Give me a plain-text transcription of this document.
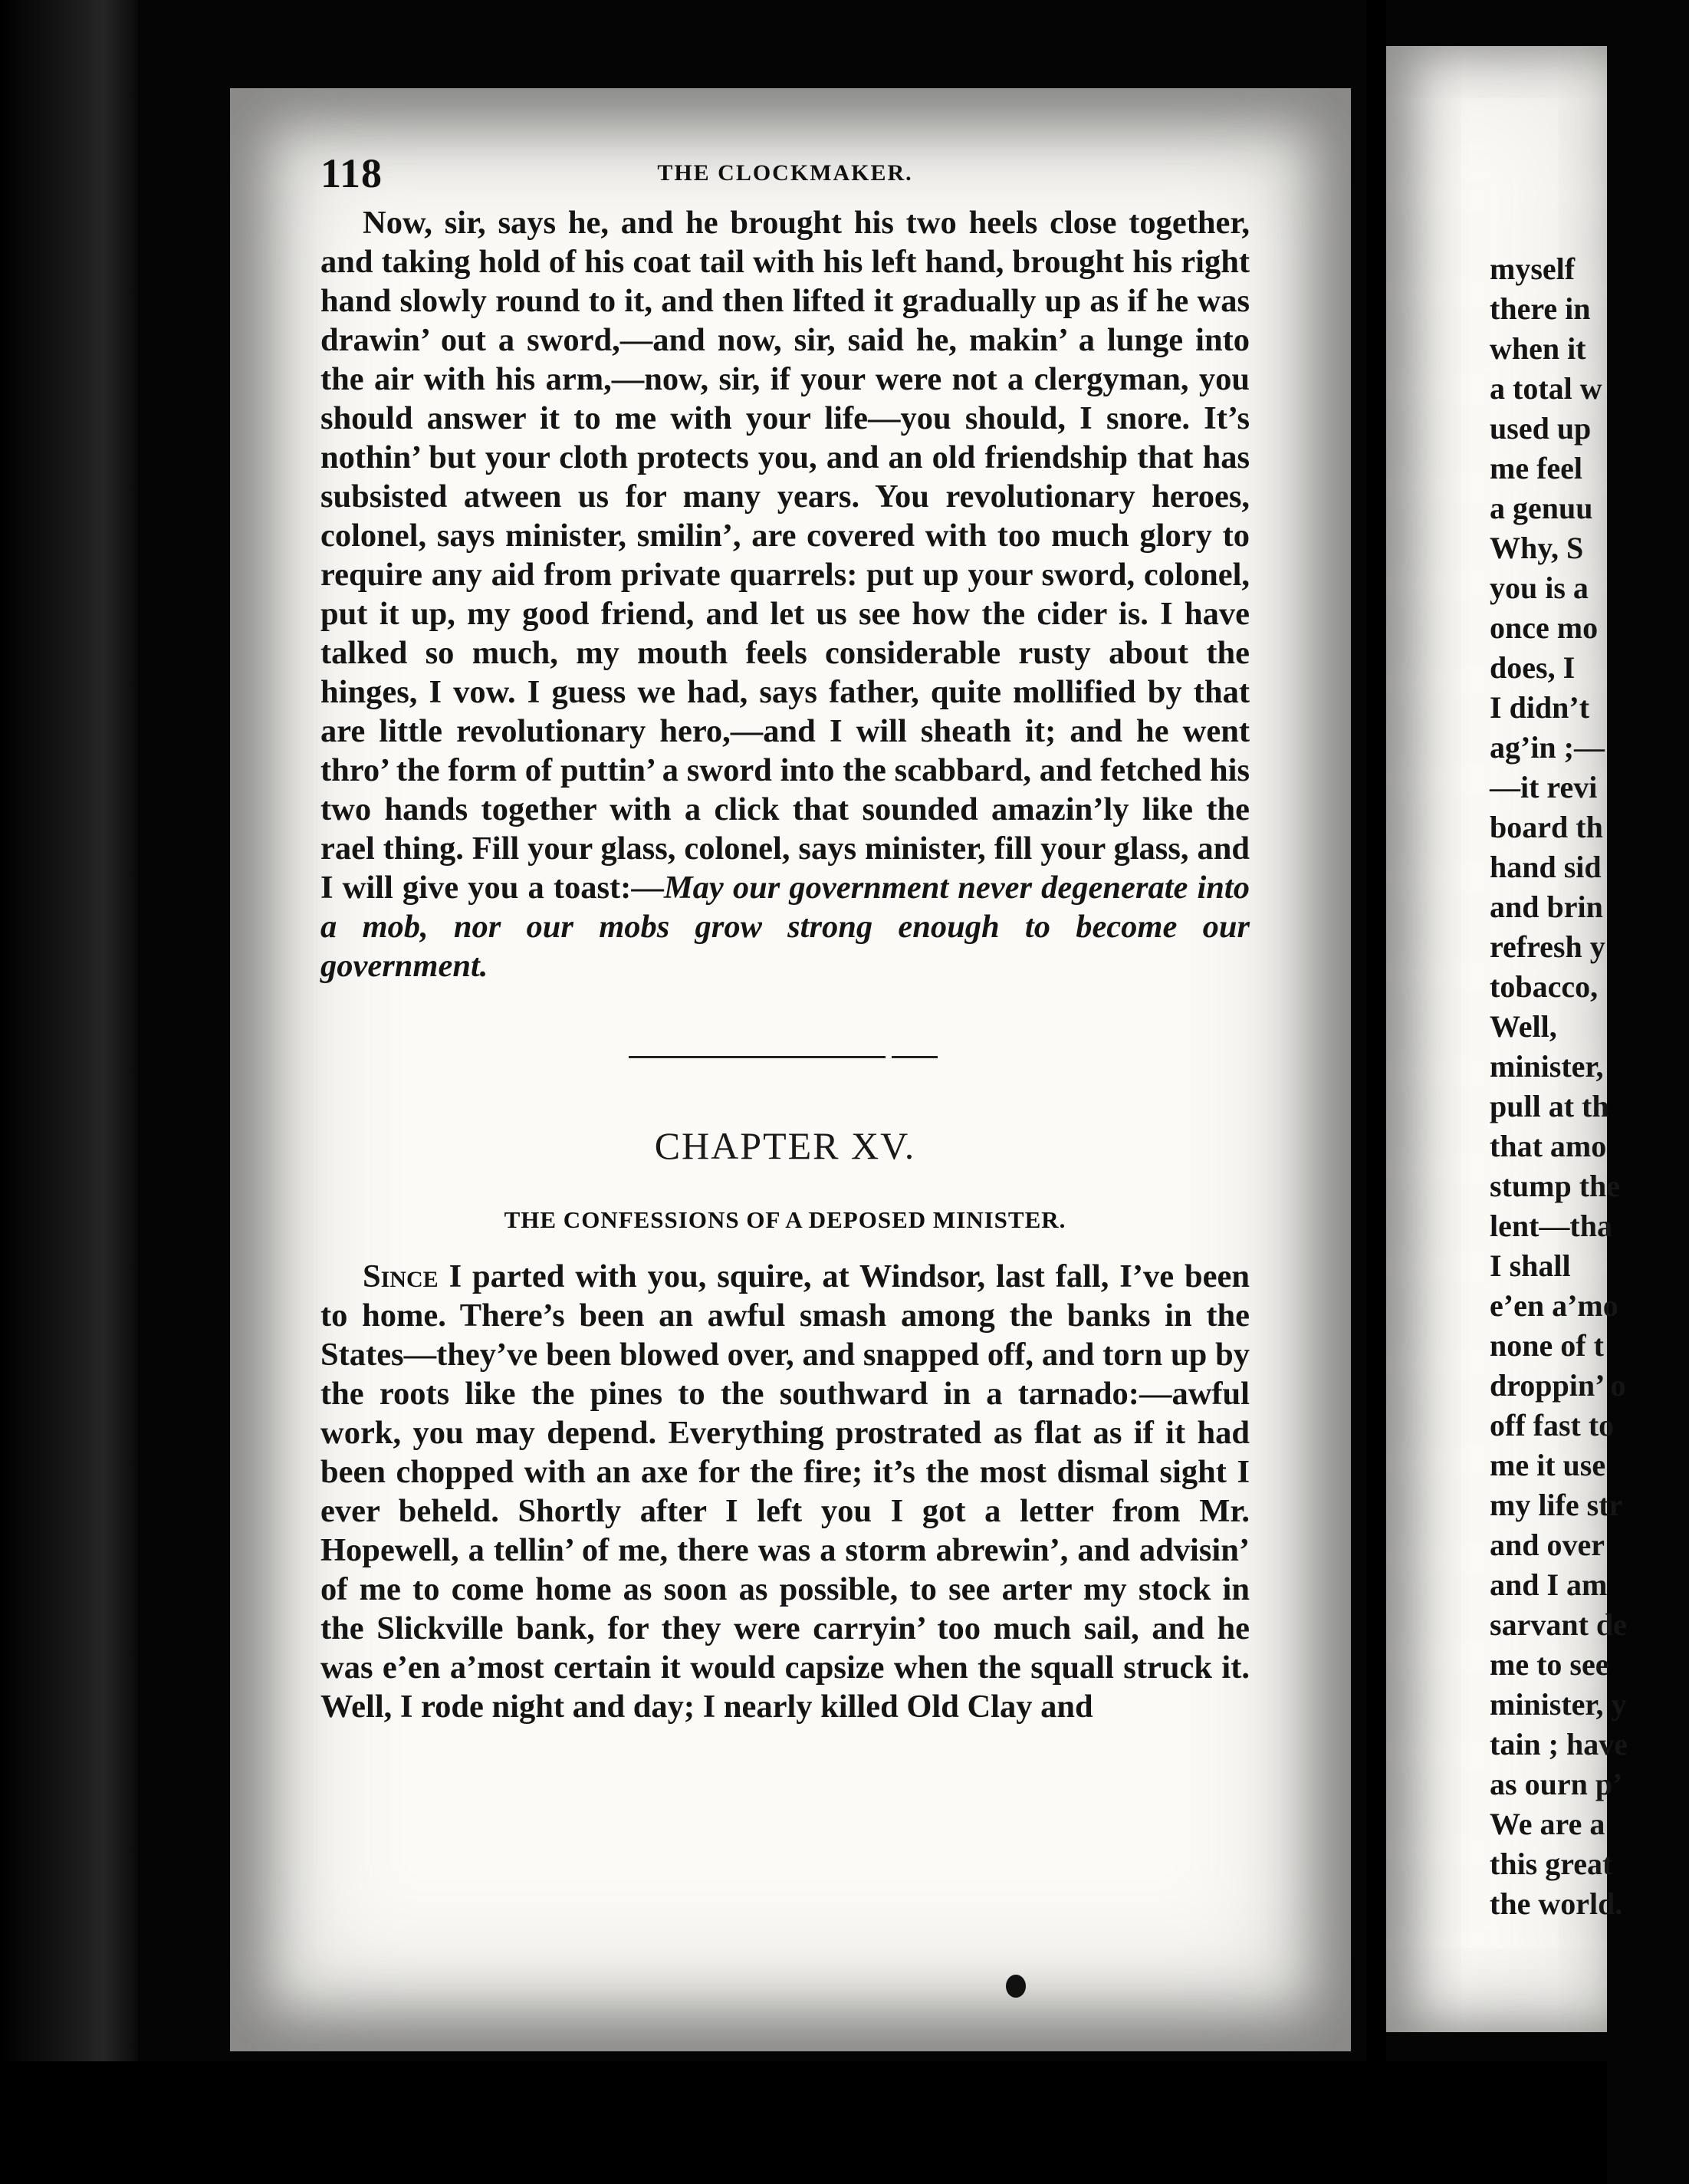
118	THE CLOCKMAKER.

Now, sir, says he, and he brought his two heels close together, and taking hold of his coat tail with his left hand, brought his right hand slowly round to it, and then lifted it gradually up as if he was drawin’ out a sword,—and now, sir, said he, makin’ a lunge into the air with his arm,—now, sir, if your were not a clergyman, you should answer it to me with your life—you should, I snore. It’s nothin’ but your cloth protects you, and an old friendship that has subsisted atween us for many years. You revolutionary heroes, colonel, says minister, smilin’, are covered with too much glory to require any aid from private quarrels: put up your sword, colonel, put it up, my good friend, and let us see how the cider is. I have talked so much, my mouth feels considerable rusty about the hinges, I vow. I guess we had, says father, quite mollified by that are little revolutionary hero,—and I will sheath it; and he went thro’ the form of puttin’ a sword into the scabbard, and fetched his two hands together with a click that sounded amazin’ly like the rael thing. Fill your glass, colonel, says minister, fill your glass, and I will give you a toast:—May our government never degenerate into a mob, nor our mobs grow strong enough to become our government.

CHAPTER XV.
THE CONFESSIONS OF A DEPOSED MINISTER.

Since I parted with you, squire, at Windsor, last fall, I’ve been to home. There’s been an awful smash among the banks in the States—they’ve been blowed over, and snapped off, and torn up by the roots like the pines to the southward in a tarnado:—awful work, you may depend. Everything prostrated as flat as if it had been chopped with an axe for the fire; it’s the most dismal sight I ever beheld. Shortly after I left you I got a letter from Mr. Hopewell, a tellin’ of me, there was a storm abrewin’, and advisin’ of me to come home as soon as possible, to see arter my stock in the Slickville bank, for they were carryin’ too much sail, and he was e’en a’most certain it would capsize when the squall struck it. Well, I rode night and day; I nearly killed Old Clay and

myself
there in
when it
a total w
used up
me feel
a genuu
Why, S
you is a
once mo
does, I
I didn’t
ag’in ;—
—it revi
board th
hand sid
and brin
refresh y
tobacco,
Well,
minister,
pull at th
that amo
stump the
lent—tha
I shall
e’en a’mo
none of t
droppin’ o
off fast to
me it use
my life str
and over
and I am
sarvant de
me to see
minister, y
tain ; have
as ourn p’
We are a
this great
the world.
